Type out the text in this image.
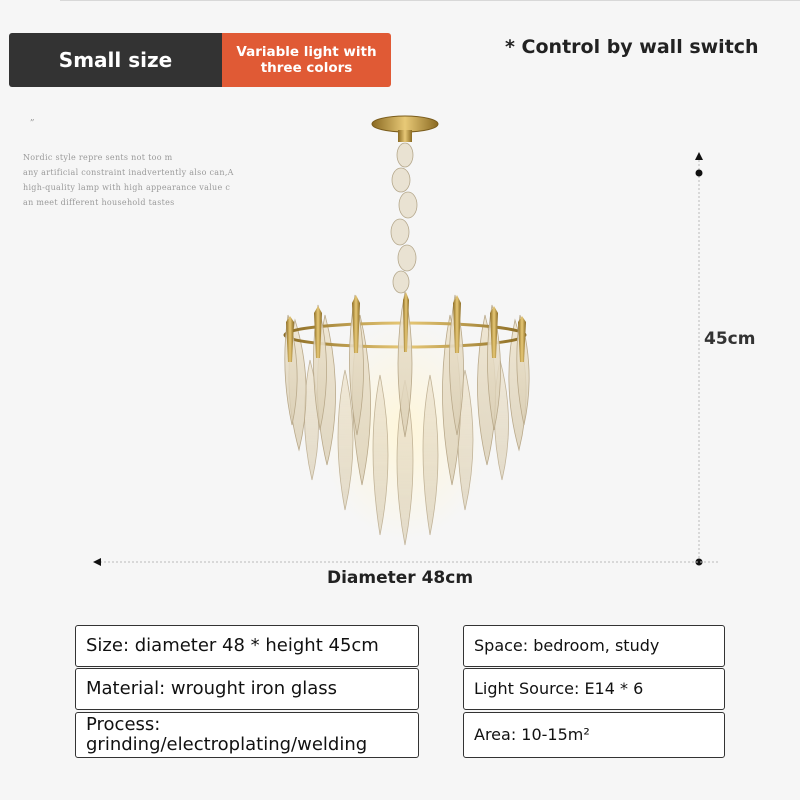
Small size	Variable light with three colors
* Control by wall switch
„
Nordic style repre sents not too m
any artificial constraint inadvertently also can,A
high-quality lamp with high appearance value c
an meet different household tastes
45cm
Diameter 48cm
Size: diameter 48 * height 45cm
Material: wrought iron glass
Process: grinding/electroplating/welding
Space: bedroom, study
Light Source: E14 * 6
Area: 10-15m²
